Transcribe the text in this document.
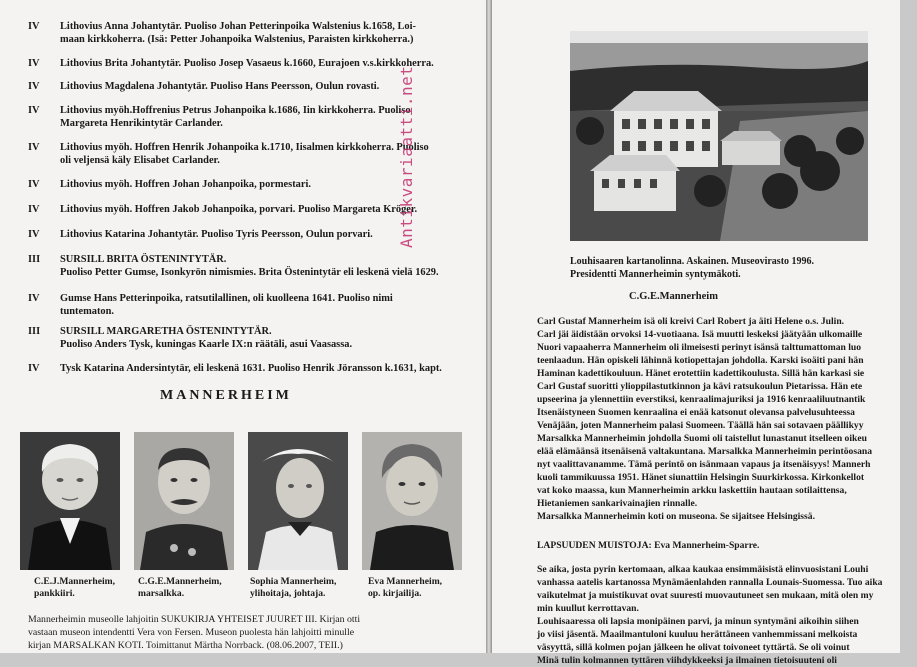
IV	Lithovius Anna Johantytär. Puoliso Johan Petterinpoika Walstenius k.1658, Loi-
maan kirkkoherra. (Isä: Petter Johanpoika Walstenius, Paraisten kirkkoherra.)
IV	Lithovius Brita Johantytär. Puoliso Josep Vasaeus k.1660, Eurajoen v.s.kirkkoherra.
IV	Lithovius Magdalena Johantytär. Puoliso Hans Peersson, Oulun rovasti.
IV	Lithovius myöh.Hoffrenius Petrus Johanpoika k.1686, Iin kirkkoherra. Puoliso
Margareta Henrikintytär Carlander.
IV	Lithovius myöh. Hoffren Henrik Johanpoika k.1710, Iisalmen kirkkoherra. Puoliso
oli veljensä käly Elisabet Carlander.
IV	Lithovius myöh. Hoffren Johan Johanpoika, pormestari.
IV	Lithovius myöh. Hoffren Jakob Johanpoika, porvari. Puoliso Margareta Kröger.
IV	Lithovius Katarina Johantytär. Puoliso Tyris Peersson, Oulun porvari.
III	SURSILL BRITA ÖSTENINTYTÄR.
Puoliso Petter Gumse, Isonkyrön nimismies. Brita Östenintytär eli leskenä vielä 1629.
IV	Gumse Hans Petterinpoika, ratsutilallinen, oli kuolleena 1641. Puoliso nimi
tuntematon.
III	SURSILL MARGARETHA ÖSTENINTYTÄR.
Puoliso Anders Tysk, kuningas Kaarle IX:n räätäli, asui Vaasassa.
IV	Tysk Katarina Andersintytär, eli leskenä 1631. Puoliso Henrik Jöransson k.1631, kapt.
Antikvariaatti.net
MANNERHEIM
C.E.J.Mannerheim,
pankkiiri.
C.G.E.Mannerheim,
marsalkka.
Sophia Mannerheim,
ylihoitaja, johtaja.
Eva Mannerheim,
op. kirjailija.
Mannerheimin museolle lahjoitin SUKUKIRJA YHTEISET JUURET III. Kirjan otti
vastaan museon intendentti Vera von Fersen. Museon puolesta hän lahjoitti minulle
kirjan MARSALKAN KOTI. Toimittanut Märtha Norrback. (08.06.2007, TEII.)
Louhisaaren kartanolinna. Askainen. Museovirasto 1996.
Presidentti Mannerheimin syntymäkoti.
C.G.E.Mannerheim
Carl Gustaf Mannerheim isä oli kreivi Carl Robert ja äiti Helene o.s. Julin.
Carl jäi äidistään orvoksi 14-vuotiaana. Isä muutti leskeksi jäätyään ulkomaille
Nuori vapaaherra Mannerheim oli ilmeisesti perinyt isänsä talttumattoman luo
teenlaadun. Hän opiskeli lähinnä kotiopettajan johdolla. Karski isoäiti pani hän
Haminan kadettikouluun. Hänet erotettiin kadettikoulusta. Sillä hän karkasi sie
Carl Gustaf suoritti ylioppilastutkinnon ja kävi ratsukoulun Pietarissa. Hän ete
upseerina ja ylennettiin everstiksi, kenraalimajuriksi ja 1916 kenraaliluutnantik
Itsenäistyneen Suomen kenraalina ei enää katsonut olevansa palvelusuhteessa
Venäjään, joten Mannerheim palasi Suomeen. Täällä hän sai sotavaen päällikyy
Marsalkka Mannerheimin johdolla Suomi oli taistellut lunastanut itselleen oikeu
elää elämäänsä itsenäisenä valtakuntana. Marsalkka Mannerheimin perintöosana
nyt vaalittavanamme. Tämä perintö on isänmaan vapaus ja itsenäisyys! Mannerh
kuoli tammikuussa 1951. Hänet siunattiin Helsingin Suurkirkossa. Kirkonkellot
vat koko maassa, kun Mannerheimin arkku laskettiin hautaan sotilaittensa,
Hietaniemen sankarivainajien rinnalle.
Marsalkka Mannerheimin koti on museona. Se sijaitsee Helsingissä.
LAPSUUDEN MUISTOJA: Eva Mannerheim-Sparre.
Se aika, josta pyrin kertomaan, alkaa kaukaa ensimmäisistä elinvuosistani Louhi
vanhassa aatelis kartanossa Mynämäenlahden rannalla Lounais-Suomessa. Tuo aika
vaikutelmat ja muistikuvat ovat suuresti muovautuneet sen mukaan, mitä olen my
min kuullut kerrottavan.
Louhisaaressa oli lapsia monipäinen parvi, ja minun syntymäni aikoihin siihen
jo viisi jäsentä. Maailmantuloni kuuluu herättäneen vanhemmissani melkoista
väsyyttä, sillä kolmen pojan jälkeen he olivat toivoneet tyttärtä. Se oli voinut
Minä tulin kolmannen tyttären viihdykkeeksi ja ilmainen tietoisuuteni oli
